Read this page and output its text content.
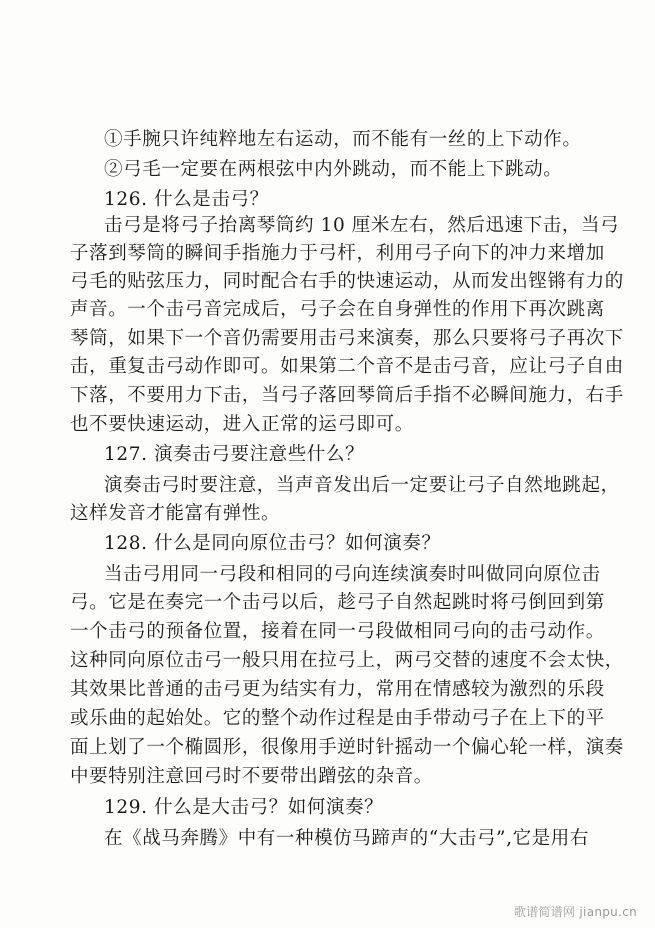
①手腕只许纯粹地左右运动，而不能有一丝的上下动作。
②弓毛一定要在两根弦中内外跳动，而不能上下跳动。
126. 什么是击弓？
击弓是将弓子抬离琴筒约 10 厘米左右，然后迅速下击，当弓
子落到琴筒的瞬间手指施力于弓杆，利用弓子向下的冲力来增加
弓毛的贴弦压力，同时配合右手的快速运动，从而发出铿锵有力的
声音。一个击弓音完成后，弓子会在自身弹性的作用下再次跳离
琴筒，如果下一个音仍需要用击弓来演奏，那么只要将弓子再次下
击，重复击弓动作即可。如果第二个音不是击弓音，应让弓子自由
下落，不要用力下击，当弓子落回琴筒后手指不必瞬间施力，右手
也不要快速运动，进入正常的运弓即可。
127. 演奏击弓要注意些什么？
演奏击弓时要注意，当声音发出后一定要让弓子自然地跳起，
这样发音才能富有弹性。
128. 什么是同向原位击弓？如何演奏？
当击弓用同一弓段和相同的弓向连续演奏时叫做同向原位击
弓。它是在奏完一个击弓以后，趁弓子自然起跳时将弓倒回到第
一个击弓的预备位置，接着在同一弓段做相同弓向的击弓动作。
这种同向原位击弓一般只用在拉弓上，两弓交替的速度不会太快，
其效果比普通的击弓更为结实有力，常用在情感较为激烈的乐段
或乐曲的起始处。它的整个动作过程是由手带动弓子在上下的平
面上划了一个椭圆形，很像用手逆时针摇动一个偏心轮一样，演奏
中要特别注意回弓时不要带出蹭弦的杂音。
129. 什么是大击弓？如何演奏？
在《战马奔腾》中有一种模仿马蹄声的“大击弓”,它是用右
歌谱简谱网 jianpu.cn
